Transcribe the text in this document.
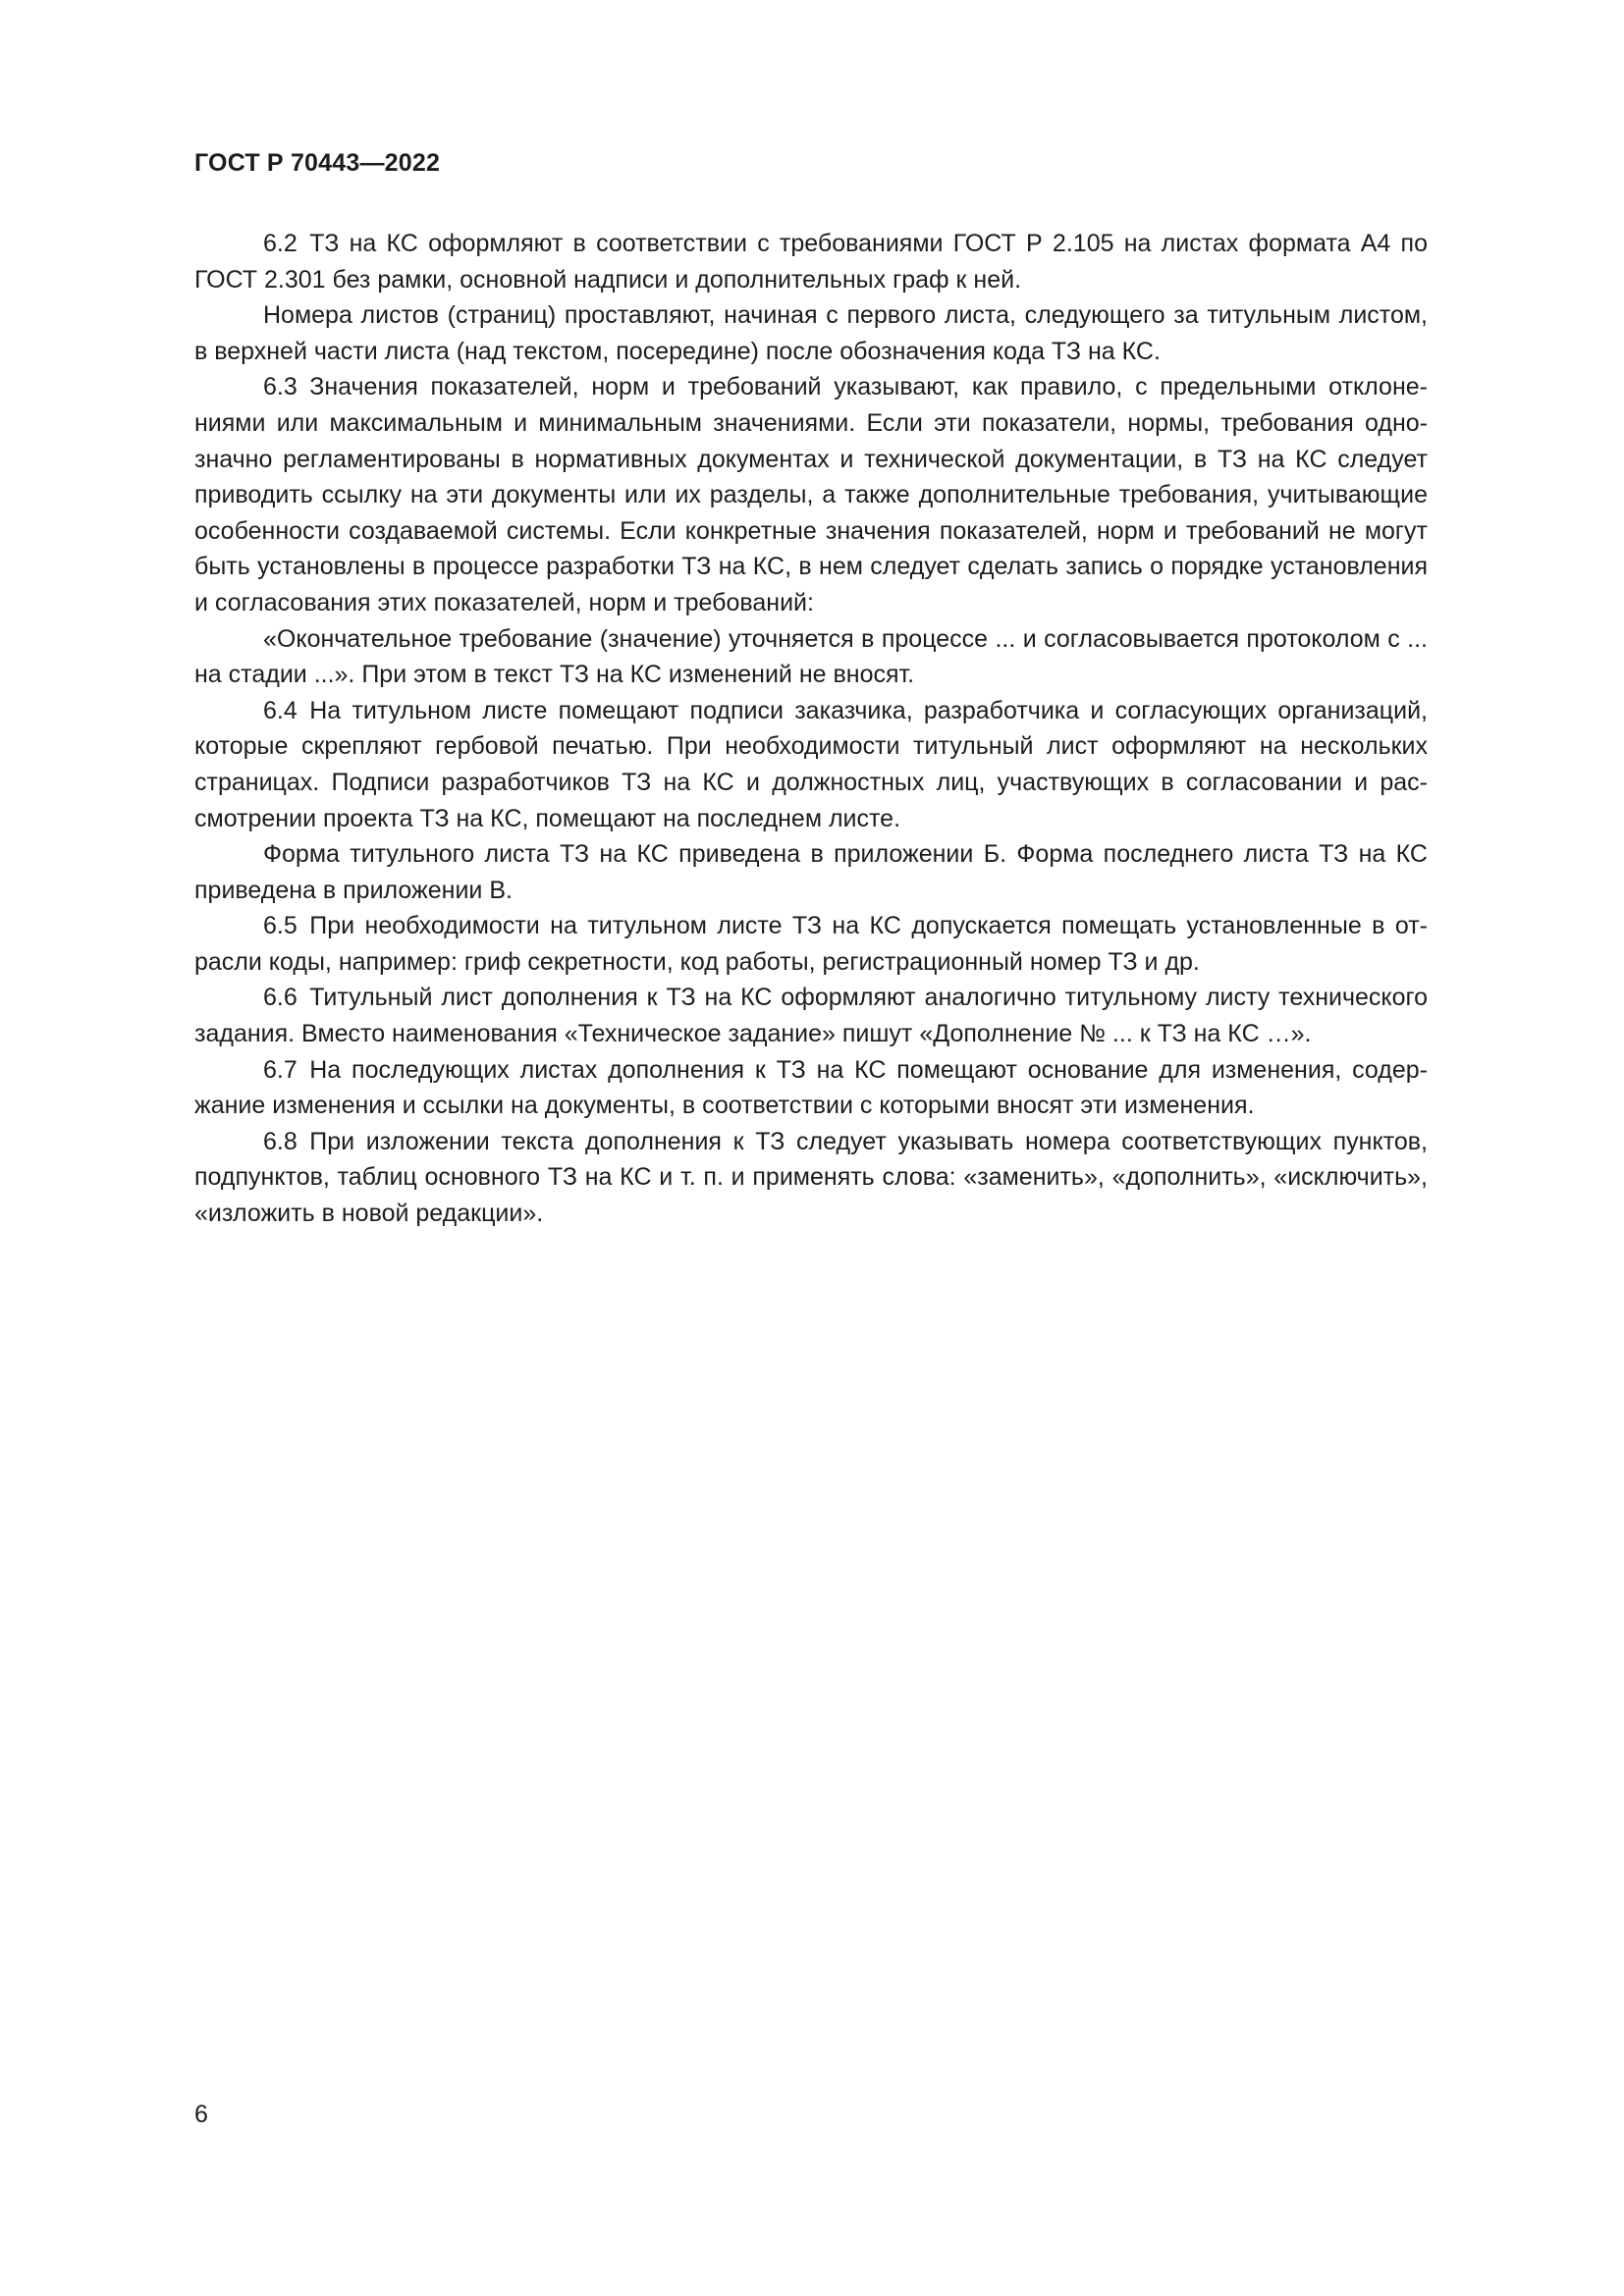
ГОСТ Р 70443—2022

6.2 ТЗ на КС оформляют в соответствии с требованиями ГОСТ Р 2.105 на листах формата А4 по ГОСТ 2.301 без рамки, основной надписи и дополнительных граф к ней.

Номера листов (страниц) проставляют, начиная с первого листа, следующего за титульным листом, в верхней части листа (над текстом, посередине) после обозначения кода ТЗ на КС.

6.3 Значения показателей, норм и требований указывают, как правило, с предельными отклонениями или максимальным и минимальным значениями. Если эти показатели, нормы, требования однозначно регламентированы в нормативных документах и технической документации, в ТЗ на КС следует приводить ссылку на эти документы или их разделы, а также дополнительные требования, учитывающие особенности создаваемой системы. Если конкретные значения показателей, норм и требований не могут быть установлены в процессе разработки ТЗ на КС, в нем следует сделать запись о порядке установления и согласования этих показателей, норм и требований:

«Окончательное требование (значение) уточняется в процессе ... и согласовывается протоколом с ... на стадии ...». При этом в текст ТЗ на КС изменений не вносят.

6.4 На титульном листе помещают подписи заказчика, разработчика и согласующих организаций, которые скрепляют гербовой печатью. При необходимости титульный лист оформляют на нескольких страницах. Подписи разработчиков ТЗ на КС и должностных лиц, участвующих в согласовании и рассмотрении проекта ТЗ на КС, помещают на последнем листе.

Форма титульного листа ТЗ на КС приведена в приложении Б. Форма последнего листа ТЗ на КС приведена в приложении В.

6.5 При необходимости на титульном листе ТЗ на КС допускается помещать установленные в отрасли коды, например: гриф секретности, код работы, регистрационный номер ТЗ и др.

6.6 Титульный лист дополнения к ТЗ на КС оформляют аналогично титульному листу технического задания. Вместо наименования «Техническое задание» пишут «Дополнение № ... к ТЗ на КС …».

6.7 На последующих листах дополнения к ТЗ на КС помещают основание для изменения, содержание изменения и ссылки на документы, в соответствии с которыми вносят эти изменения.

6.8 При изложении текста дополнения к ТЗ следует указывать номера соответствующих пунктов, подпунктов, таблиц основного ТЗ на КС и т. п. и применять слова: «заменить», «дополнить», «исключить», «изложить в новой редакции».

6
